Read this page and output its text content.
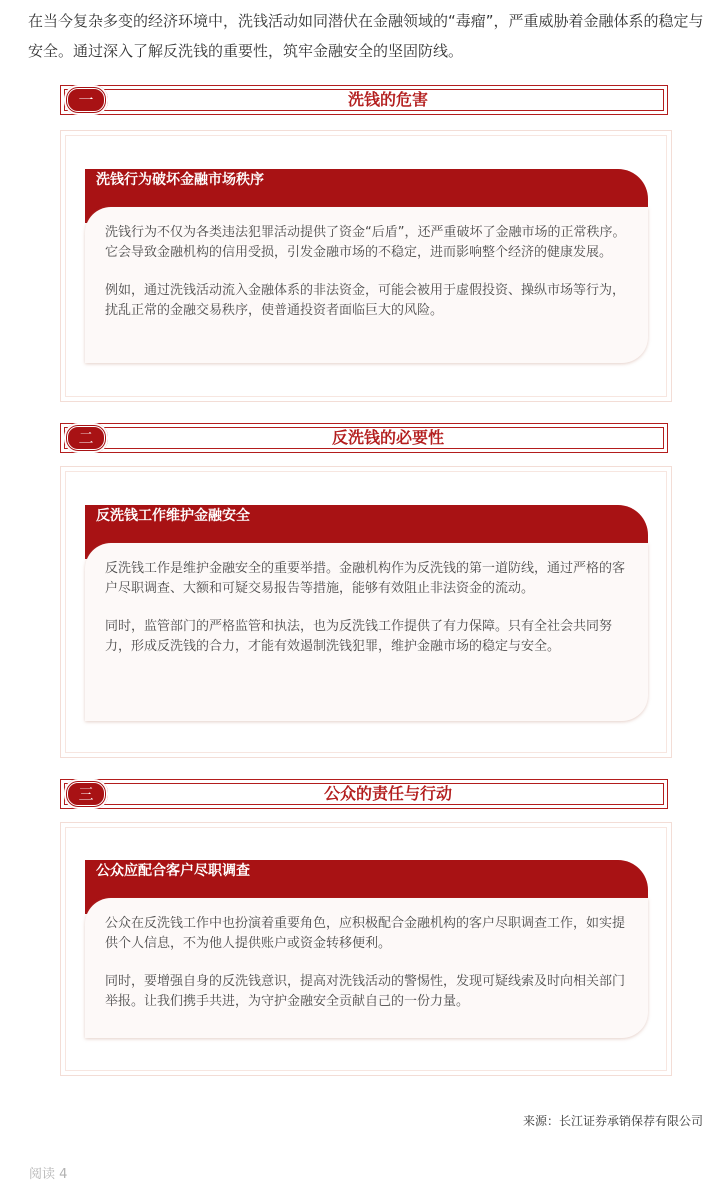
在当今复杂多变的经济环境中，洗钱活动如同潜伏在金融领域的“毒瘤”，严重威胁着金融体系的稳定与安全。通过深入了解反洗钱的重要性，筑牢金融安全的坚固防线。

一	洗钱的危害
洗钱行为破坏金融市场秩序

洗钱行为不仅为各类违法犯罪活动提供了资金“后盾”，还严重破坏了金融市场的正常秩序。它会导致金融机构的信用受损，引发金融市场的不稳定，进而影响整个经济的健康发展。

例如，通过洗钱活动流入金融体系的非法资金，可能会被用于虚假投资、操纵市场等行为，扰乱正常的金融交易秩序，使普通投资者面临巨大的风险。

二	反洗钱的必要性
反洗钱工作维护金融安全

反洗钱工作是维护金融安全的重要举措。金融机构作为反洗钱的第一道防线，通过严格的客户尽职调查、大额和可疑交易报告等措施，能够有效阻止非法资金的流动。

同时，监管部门的严格监管和执法，也为反洗钱工作提供了有力保障。只有全社会共同努力，形成反洗钱的合力，才能有效遏制洗钱犯罪，维护金融市场的稳定与安全。

三	公众的责任与行动
公众应配合客户尽职调查

公众在反洗钱工作中也扮演着重要角色，应积极配合金融机构的客户尽职调查工作，如实提供个人信息，不为他人提供账户或资金转移便利。

同时，要增强自身的反洗钱意识，提高对洗钱活动的警惕性，发现可疑线索及时向相关部门举报。让我们携手共进，为守护金融安全贡献自己的一份力量。

来源：长江证券承销保荐有限公司
阅读 4
